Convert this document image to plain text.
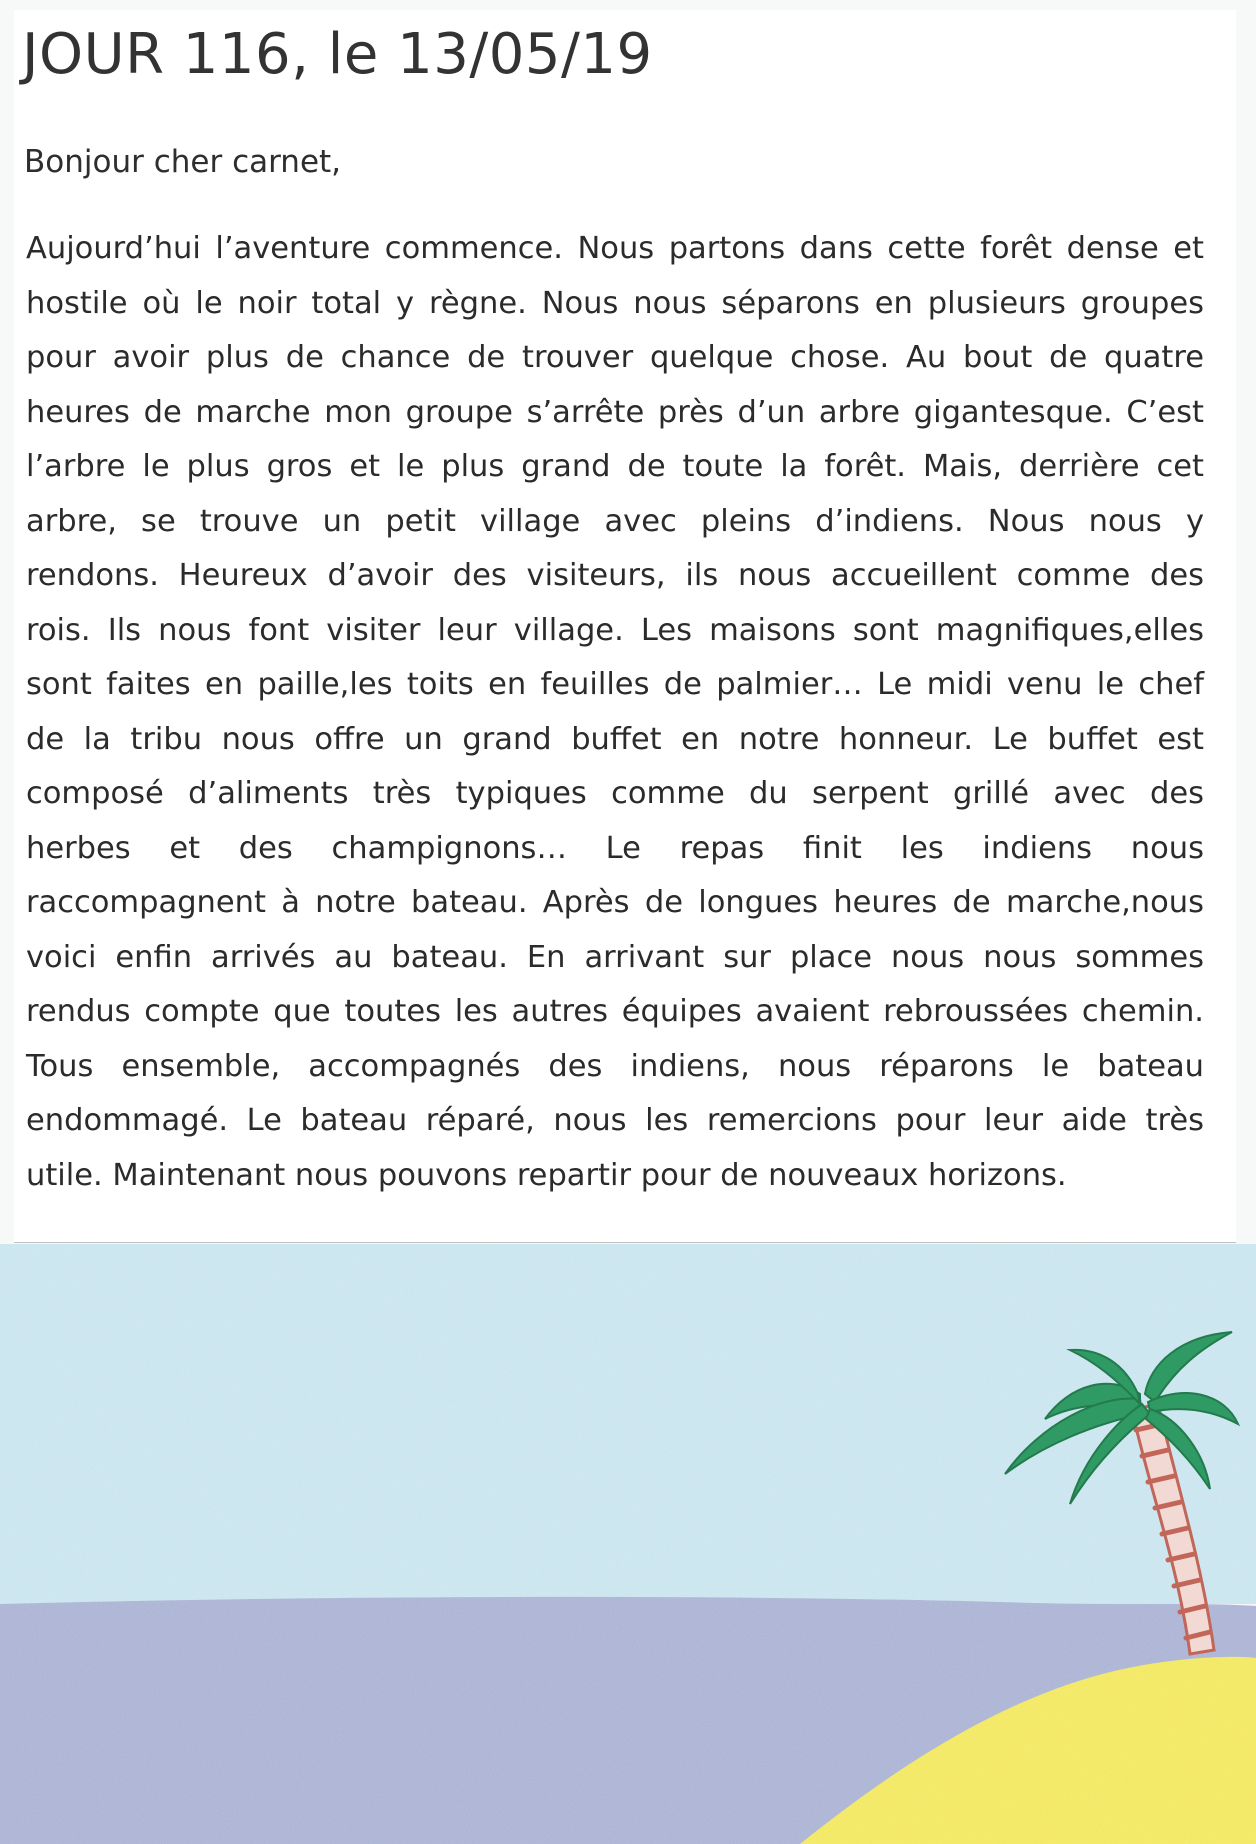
JOUR 116, le 13/05/19
Bonjour cher carnet,
Aujourd’hui l’aventure commence. Nous partons dans cette forêt dense et
hostile où le noir total y règne. Nous nous séparons en plusieurs groupes
pour avoir plus de chance de trouver quelque chose. Au bout de quatre
heures de marche mon groupe s’arrête près d’un arbre gigantesque. C’est
l’arbre le plus gros et le plus grand de toute la forêt. Mais, derrière cet
arbre, se trouve un petit village avec pleins d’indiens. Nous nous y
rendons. Heureux d’avoir des visiteurs, ils nous accueillent comme des
rois. Ils nous font visiter leur village. Les maisons sont magnifiques,elles
sont faites en paille,les toits en feuilles de palmier… Le midi venu le chef
de la tribu nous offre un grand buffet en notre honneur. Le buffet est
composé d’aliments très typiques comme du serpent grillé avec des
herbes et des champignons… Le repas finit les indiens nous
raccompagnent à notre bateau. Après de longues heures de marche,nous
voici enfin arrivés au bateau. En arrivant sur place nous nous sommes
rendus compte que toutes les autres équipes avaient rebroussées chemin.
Tous ensemble, accompagnés des indiens, nous réparons le bateau
endommagé. Le bateau réparé, nous les remercions pour leur aide très
utile. Maintenant nous pouvons repartir pour de nouveaux horizons.
